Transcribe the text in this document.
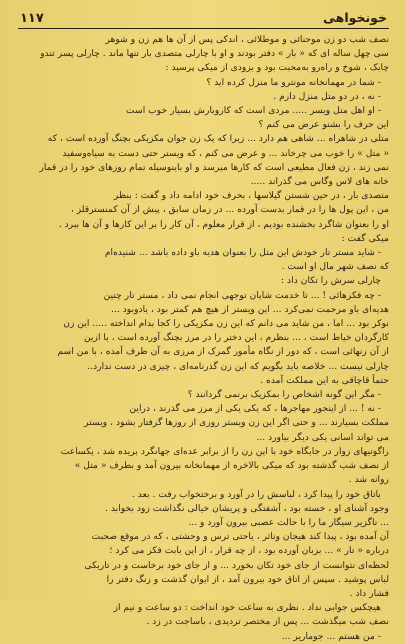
۱۱۷	خونخواهی
نصف شب دو زن موحنائی و موطلائی ، اندکی پس از آن ها هم زن و شوهر
سی چهل ساله ای که « بار » دفتر بودند و او با چارلی متصدی بار تنها ماند . چارلی پسر تندو
چابک ، شوخ و راه‌رو به‌محبت بود و بزودی از میکی پرسید :
- شما در مهمانخانه مونترو ما منزل کرده اید ؟
- نه ، در دو متل منزل دارم .
- او اهل متل ویسر ..... مردی است که کاروبارش بسیار خوب است
این حرف را بشنو عرض می کنم ؟
متلی در شاهراه ... شاهی هم دارد ... زیرا که یک زن جوان مکزیکی بچنگ آورده است ، که
« متل » را خوب می چرخاند ... و عرض می کنم ، که ویستر حتی دست به سیاه‌وسفید
نمی زند ، زن فعال مطیعی است که کارها میرسد و او باینوسیله تمام روزهای خود را در قمار
خانه های لاس وگاس می گذراند .....
متصدی بار ، در حین شستن گیلاسها ، بحرف خود ادامه داد و گفت : بنظر
من ، این پول ها را در قمار بدست آورده ... در زمان سابق ، پیش از آن کمنسترقلز ،
او را بعنوان شاگرد بخشنده بودیم ، از قرار معلوم ، آن کار را بر این کارها و آن ها ببرد .
میکی گفت :
- شاید مستر تار خودش این متل را بعنوان هدیه باو داده باشد ... شنیده‌ام
که نصف شهر مال او است .
چارلی سرش را تکان داد :
- چه فکرهائی ! ... تا خدمت شایان توجهی انجام نمی داد ، مستر تار چنین
هدیه‌ای باو مرحمت نمی‌کرد ... این ویستر از هیچ هم کمتر بود ، یادوبود ...
نوکر بود ... اما ، من شاید می دانم که این زن مکزیکی را کجا بدام انداخته ..... این زن
کارگردان خیاط است ، ... بنظرم ، این دختر را در مرز بچنگ آورده است ، یا ازین
از آن زنهائی است ، که دور از نگاه مأمور گمرک از مرزی به آن طرف آمده ، با من اسم
چارلی نیست ... خلاصه باید بگویم که این زن گذرنامه‌ای ، چیزی در دست ندارد..
حتماً قاچاقی به این مملکت آمده .
- مگر این گونه اشخاص را بمکزیک برنمی گردانند ؟
- نه ! ... از اینجور مهاجرها ، که یکی یکی از مرز می گذرند ، دراین
مملکت بسیارند ... و حتی اگر این زن ویستر روزی از روزها گرفتار بشود ، ویستر
می تواند اسانی یکی دیگر بیاورد ...
راگوتیهای زوار در جایگاه خود با این زن را از برابر عده‌ای جهانگرد بریده شد ، یکساعت
از نصف شب گذشته بود که میکی بالاخره از مهمانخانه بیرون آمد و بطرف « متل »
روانه شد .
باتاق خود را پیدا کرد ، لباسش را در آورد و برختخواب رفت . بعد .
وجود آشنای او ، خسته بود ، آشفتگی و پریشان خیالی نگذاشت زود بخوابد .
... ناگزیر سیگار ما را با حالت عصبی بیرون آورد و ...
آن آمده بود ، پیدا کند هیجان وناثر ، یاحتی ترس و وحشتی ، که در موقع صحبت
درباره « تار » ... بزبان آورده بود ، از چه قرار ، از این بابت فکر می کرد ؛
لحظه‌ای نتوانست از جای خود تکان بخورد ... و از جای خود برخاست و در تاریکی
لباس پوشید . سپس از اتاق خود بیرون آمد ، از ایوان گذشت و زنگ دفتر را
فشار داد .
هیچکس جوابی نداد . نظری به ساعت خود انداخت : دو ساعت و نیم از
نصف شب میگذشت ... پس از مختصر تردیدی ، باساجت در زد .
- من هستم ... جوماریر ...
